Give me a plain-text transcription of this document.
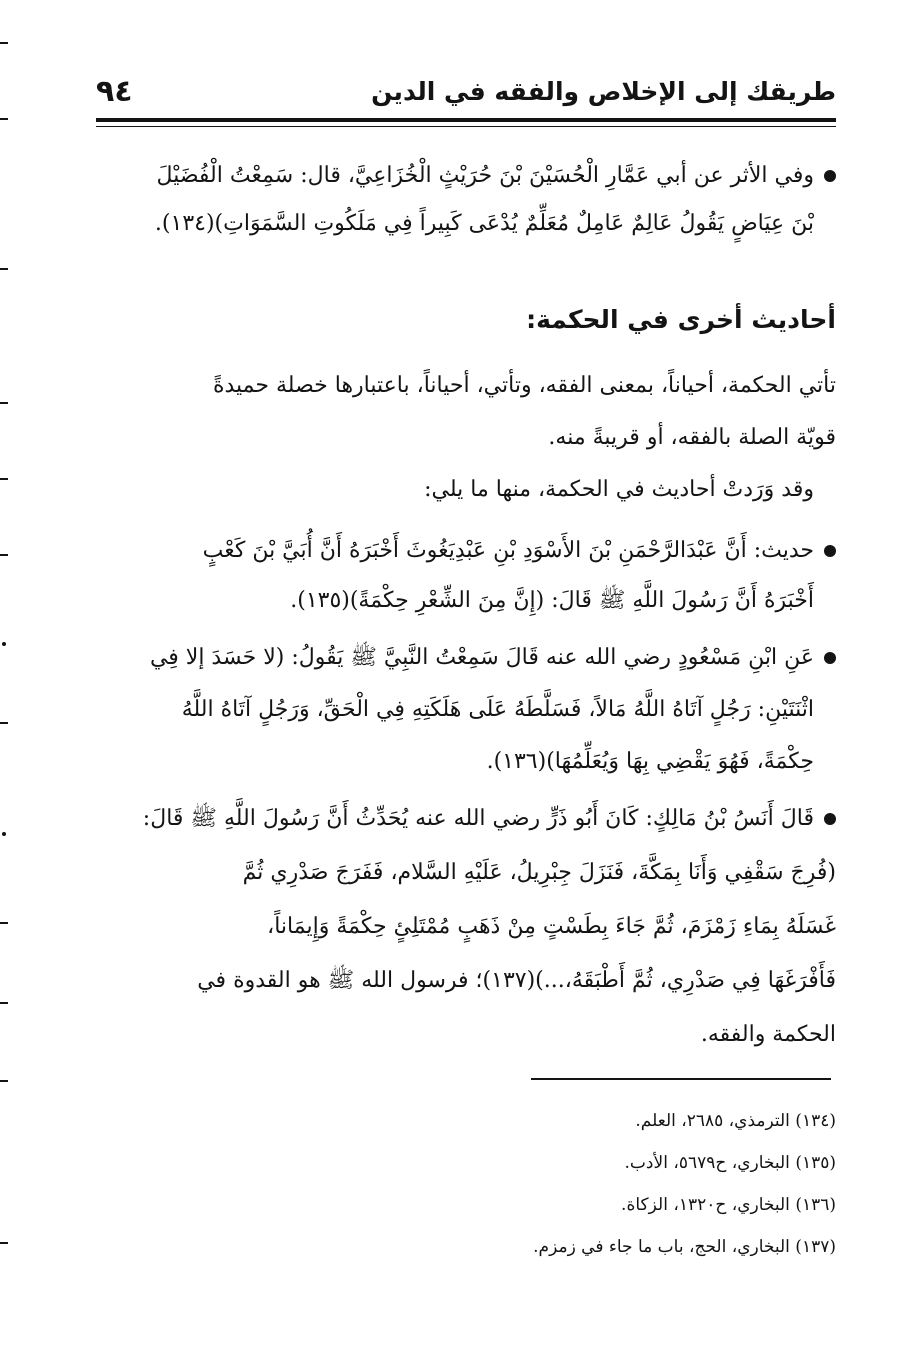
طريقك إلى الإخلاص والفقه في الدين
٩٤
وفي الأثر عن أبي عَمَّارِ الْحُسَيْنَ بْنَ حُرَيْثٍ الْخُزَاعِيَّ، قال: سَمِعْتُ الْفُضَيْلَ
بْنَ عِيَاضٍ يَقُولُ عَالِمٌ عَامِلٌ مُعَلِّمٌ يُدْعَى كَبِيراً فِي مَلَكُوتِ السَّمَوَاتِ)(١٣٤).
أحاديث أخرى في الحكمة:
تأتي الحكمة، أحياناً، بمعنى الفقه، وتأتي، أحياناً، باعتبارها خصلة حميدةً
قويّة الصلة بالفقه، أو قريبةً منه.
وقد وَرَدتْ أحاديث في الحكمة، منها ما يلي:
حديث: أَنَّ عَبْدَالرَّحْمَنِ بْنَ الأَسْوَدِ بْنِ عَبْدِيَغُوثَ أَخْبَرَهُ أَنَّ أُبَيَّ بْنَ كَعْبٍ
أَخْبَرَهُ أَنَّ رَسُولَ اللَّهِ ﷺ قَالَ: (إِنَّ مِنَ الشِّعْرِ حِكْمَةً)(١٣٥).
عَنِ ابْنِ مَسْعُودٍ رضي الله عنه قَالَ سَمِعْتُ النَّبِيَّ ﷺ يَقُولُ: (لا حَسَدَ إلا فِي
اثْنَتَيْنِ: رَجُلٍ آتَاهُ اللَّهُ مَالاً، فَسَلَّطَهُ عَلَى هَلَكَتِهِ فِي الْحَقِّ، وَرَجُلٍ آتَاهُ اللَّهُ
حِكْمَةً، فَهُوَ يَقْضِي بِهَا وَيُعَلِّمُهَا)(١٣٦).
قَالَ أَنَسُ بْنُ مَالِكٍ: كَانَ أَبُو ذَرٍّ رضي الله عنه يُحَدِّثُ أَنَّ رَسُولَ اللَّهِ ﷺ قَالَ:
(فُرِجَ سَقْفِي وَأَنَا بِمَكَّةَ، فَنَزَلَ جِبْرِيلُ، عَلَيْهِ السَّلام، فَفَرَجَ صَدْرِي ثُمَّ
غَسَلَهُ بِمَاءِ زَمْزَمَ، ثُمَّ جَاءَ بِطَسْتٍ مِنْ ذَهَبٍ مُمْتَلِئٍ حِكْمَةً وَإِيمَاناً،
فَأَفْرَغَهَا فِي صَدْرِي، ثُمَّ أَطْبَقَهُ،...)(١٣٧)؛ فرسول الله ﷺ هو القدوة في
الحكمة والفقه.
(١٣٤) الترمذي، ٢٦٨٥، العلم.
(١٣٥) البخاري، ح٥٦٧٩، الأدب.
(١٣٦) البخاري، ح١٣٢٠، الزكاة.
(١٣٧) البخاري، الحج، باب ما جاء في زمزم.
